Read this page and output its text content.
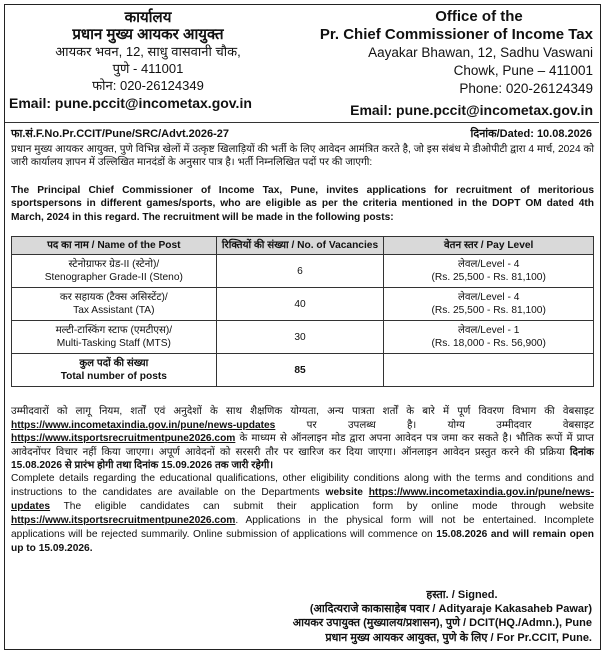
कार्यालय
प्रधान मुख्य आयकर आयुक्त
आयकर भवन, 12, साधु वासवानी चौक,
पुणे - 411001
फोन: 020-26124349
Email: pune.pccit@incometax.gov.in
Office of the
Pr. Chief Commissioner of Income Tax
Aayakar Bhawan, 12, Sadhu Vaswani
Chowk, Pune – 411001
Phone: 020-26124349
Email: pune.pccit@incometax.gov.in
फा.सं.F.No.Pr.CCIT/Pune/SRC/Advt.2026-27	दिनांक/Dated: 10.08.2026
प्रधान मुख्य आयकर आयुक्त, पुणे विभिन्न खेलों में उत्कृष्ट खिलाड़ियों की भर्ती के लिए आवेदन आमंत्रित करते है, जो इस संबंध मे डीओपीटी द्वारा 4 मार्च, 2024 को जारी कार्यालय ज्ञापन में उल्लिखित मानदंडों के अनुसार पात्र है। भर्ती निम्नलिखित पदों पर की जाएगी:
The Principal Chief Commissioner of Income Tax, Pune, invites applications for recruitment of meritorious sportspersons in different games/sports, who are eligible as per the criteria mentioned in the DOPT OM dated 4th March, 2024 in this regard. The recruitment will be made in the following posts:
पद का नाम / Name of the Post	रिक्तियों की संख्या / No. of Vacancies	वेतन स्तर / Pay Level

स्टेनोग्राफर ग्रेड-II (स्टेनो)/
Stenographer Grade-II (Steno)	6	लेवल/Level - 4
(Rs. 25,500 - Rs. 81,100)

कर सहायक (टैक्स असिस्टेंट)/
Tax Assistant (TA)	40	लेवल/Level - 4
(Rs. 25,500 - Rs. 81,100)

मल्टी-टास्किंग स्टाफ (एमटीएस)/
Multi-Tasking Staff (MTS)	30	लेवल/Level - 1
(Rs. 18,000 - Rs. 56,900)

कुल पदों की संख्या
Total number of posts	85	
उम्मीदवारों को लागू नियम, शर्तों एवं अनुदेशों के साथ शैक्षणिक योग्यता, अन्य पात्रता शर्तों के बारे में पूर्ण विवरण विभाग की वेबसाइट https://www.incometaxindia.gov.in/pune/news-updates	पर उपलब्ध है। योग्य उम्मीदवार वेबसाइट https://www.itsportsrecruitmentpune2026.com के माध्यम से ऑनलाइन मोड द्वारा अपना आवेदन पत्र जमा कर सकते है। भौतिक रूपों में प्राप्त आवेदनोंपर विचार नहीं किया जाएगा। अपूर्ण आवेदनों को सरसरी तौर पर खारिज कर दिया जाएगा। ऑनलाइन आवेदन प्रस्तुत करने की प्रक्रिया दिनांक 15.08.2026 से प्रारंभ होगी तथा दिनांक 15.09.2026 तक जारी रहेगी।
Complete details regarding the educational qualifications, other eligibility conditions along with the terms and conditions and instructions to the candidates are available on the Departments website https://www.incometaxindia.gov.in/pune/news-updates The eligible candidates can submit their application form by online mode through website https://www.itsportsrecruitmentpune2026.com. Applications in the physical form will not be entertained. Incomplete applications will be rejected summarily. Online submission of applications will commence on 15.08.2026 and will remain open up to 15.09.2026.
हस्ता. / Signed.
(आदित्यराजे काकासाहेब पवार / Adityaraje Kakasaheb Pawar)
आयकर उपायुक्त (मुख्यालय/प्रशासन), पुणे / DCIT(HQ./Admn.), Pune
प्रधान मुख्य आयकर आयुक्त, पुणे के लिए / For Pr.CCIT, Pune.
